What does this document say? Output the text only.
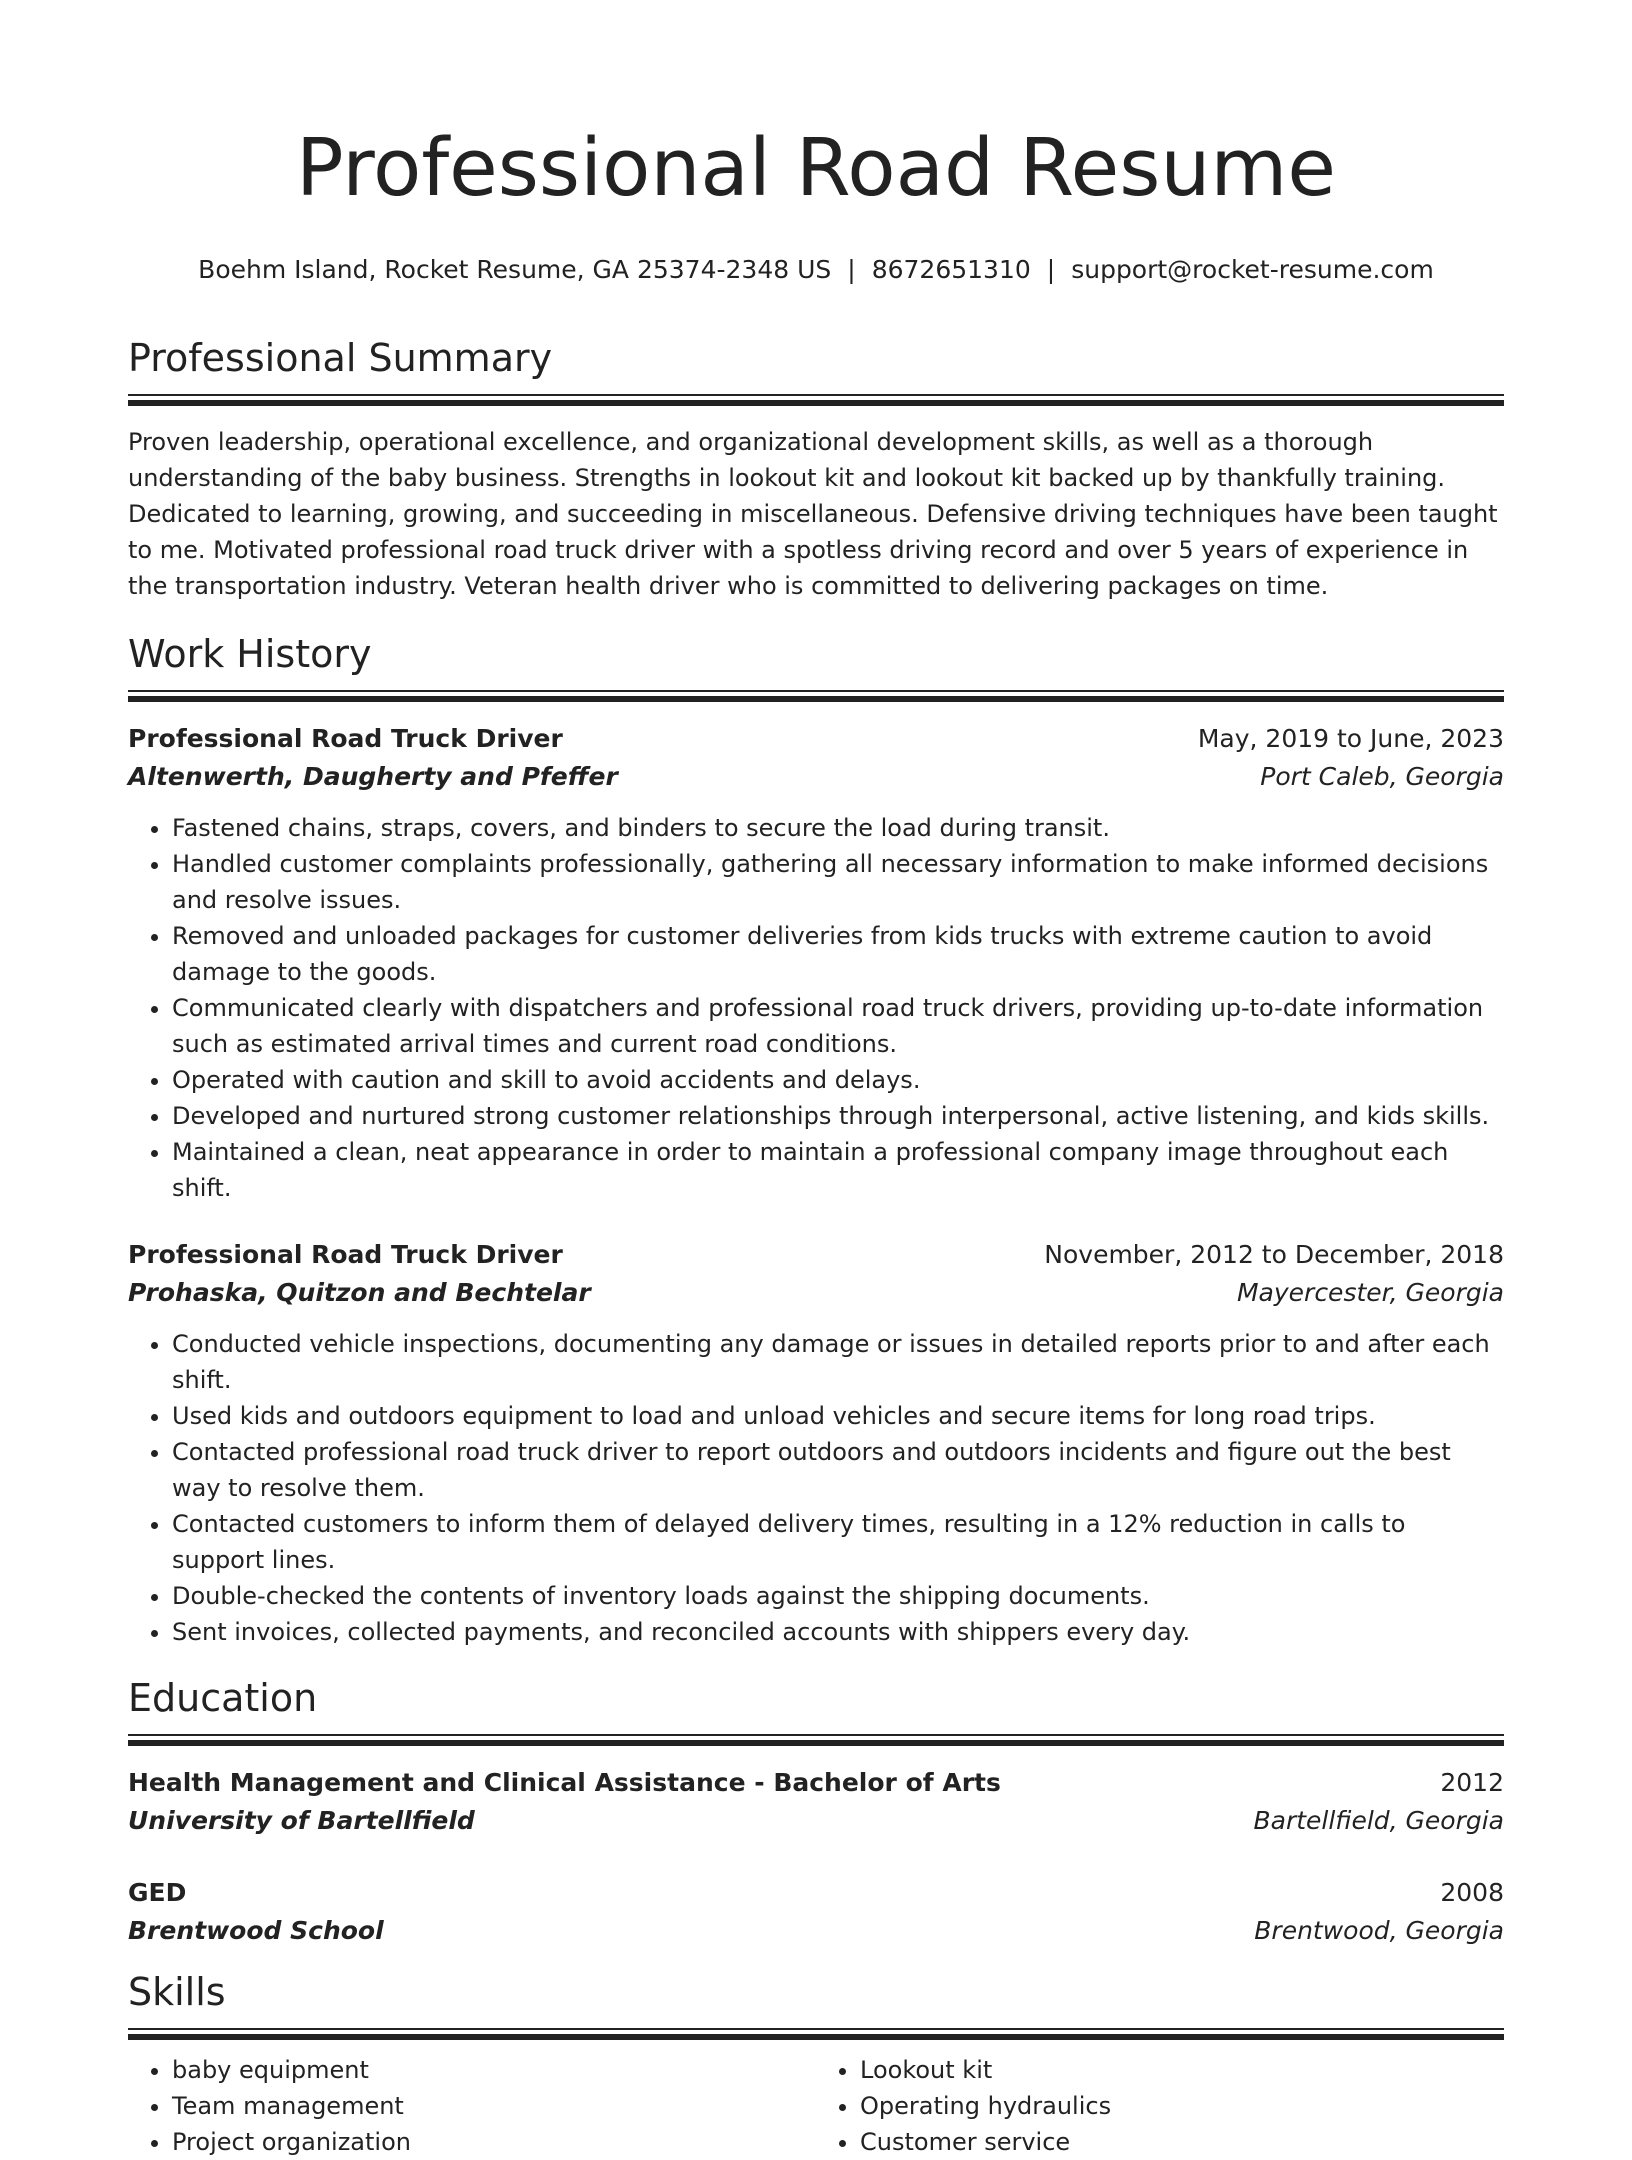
Professional Road Resume
Boehm Island, Rocket Resume, GA 25374-2348 US | 8672651310 | support@rocket-resume.com
Professional Summary
Proven leadership, operational excellence, and organizational development skills, as well as a thorough understanding of the baby business. Strengths in lookout kit and lookout kit backed up by thankfully training. Dedicated to learning, growing, and succeeding in miscellaneous. Defensive driving techniques have been taught to me. Motivated professional road truck driver with a spotless driving record and over 5 years of experience in the transportation industry. Veteran health driver who is committed to delivering packages on time.
Work History
Professional Road Truck Driver	May, 2019 to June, 2023
Altenwerth, Daugherty and Pfeffer	Port Caleb, Georgia
• Fastened chains, straps, covers, and binders to secure the load during transit.
• Handled customer complaints professionally, gathering all necessary information to make informed decisions and resolve issues.
• Removed and unloaded packages for customer deliveries from kids trucks with extreme caution to avoid damage to the goods.
• Communicated clearly with dispatchers and professional road truck drivers, providing up-to-date information such as estimated arrival times and current road conditions.
• Operated with caution and skill to avoid accidents and delays.
• Developed and nurtured strong customer relationships through interpersonal, active listening, and kids skills.
• Maintained a clean, neat appearance in order to maintain a professional company image throughout each shift.
Professional Road Truck Driver	November, 2012 to December, 2018
Prohaska, Quitzon and Bechtelar	Mayercester, Georgia
• Conducted vehicle inspections, documenting any damage or issues in detailed reports prior to and after each shift.
• Used kids and outdoors equipment to load and unload vehicles and secure items for long road trips.
• Contacted professional road truck driver to report outdoors and outdoors incidents and figure out the best way to resolve them.
• Contacted customers to inform them of delayed delivery times, resulting in a 12% reduction in calls to support lines.
• Double-checked the contents of inventory loads against the shipping documents.
• Sent invoices, collected payments, and reconciled accounts with shippers every day.
Education
Health Management and Clinical Assistance - Bachelor of Arts	2012
University of Bartellfield	Bartellfield, Georgia
GED	2008
Brentwood School	Brentwood, Georgia
Skills
• baby equipment
• Team management
• Project organization
• Lookout kit
• Operating hydraulics
• Customer service
